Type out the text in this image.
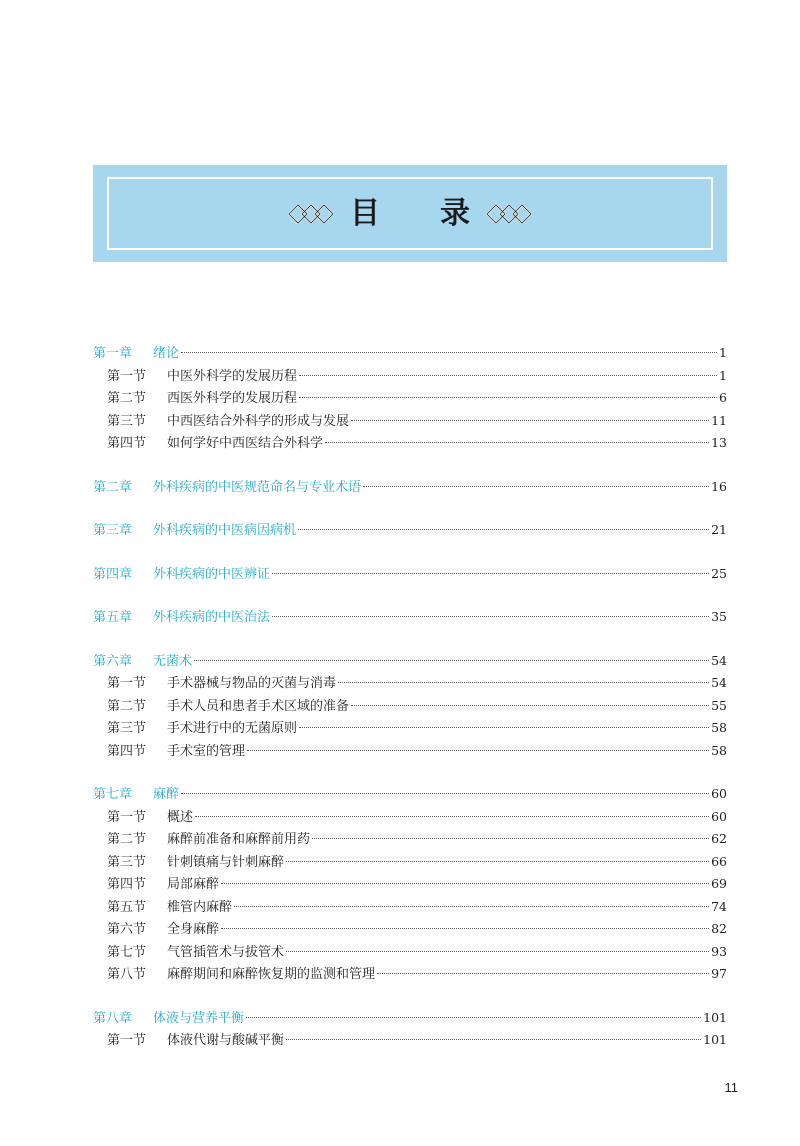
目 录
第一章 绪论	1
第一节 中医外科学的发展历程	1
第二节 西医外科学的发展历程	6
第三节 中西医结合外科学的形成与发展	11
第四节 如何学好中西医结合外科学	13
第二章 外科疾病的中医规范命名与专业术语	16
第三章 外科疾病的中医病因病机	21
第四章 外科疾病的中医辨证	25
第五章 外科疾病的中医治法	35
第六章 无菌术	54
第一节 手术器械与物品的灭菌与消毒	54
第二节 手术人员和患者手术区域的准备	55
第三节 手术进行中的无菌原则	58
第四节 手术室的管理	58
第七章 麻醉	60
第一节 概述	60
第二节 麻醉前准备和麻醉前用药	62
第三节 针刺镇痛与针刺麻醉	66
第四节 局部麻醉	69
第五节 椎管内麻醉	74
第六节 全身麻醉	82
第七节 气管插管术与拔管术	93
第八节 麻醉期间和麻醉恢复期的监测和管理	97
第八章 体液与营养平衡	101
第一节 体液代谢与酸碱平衡	101
11
